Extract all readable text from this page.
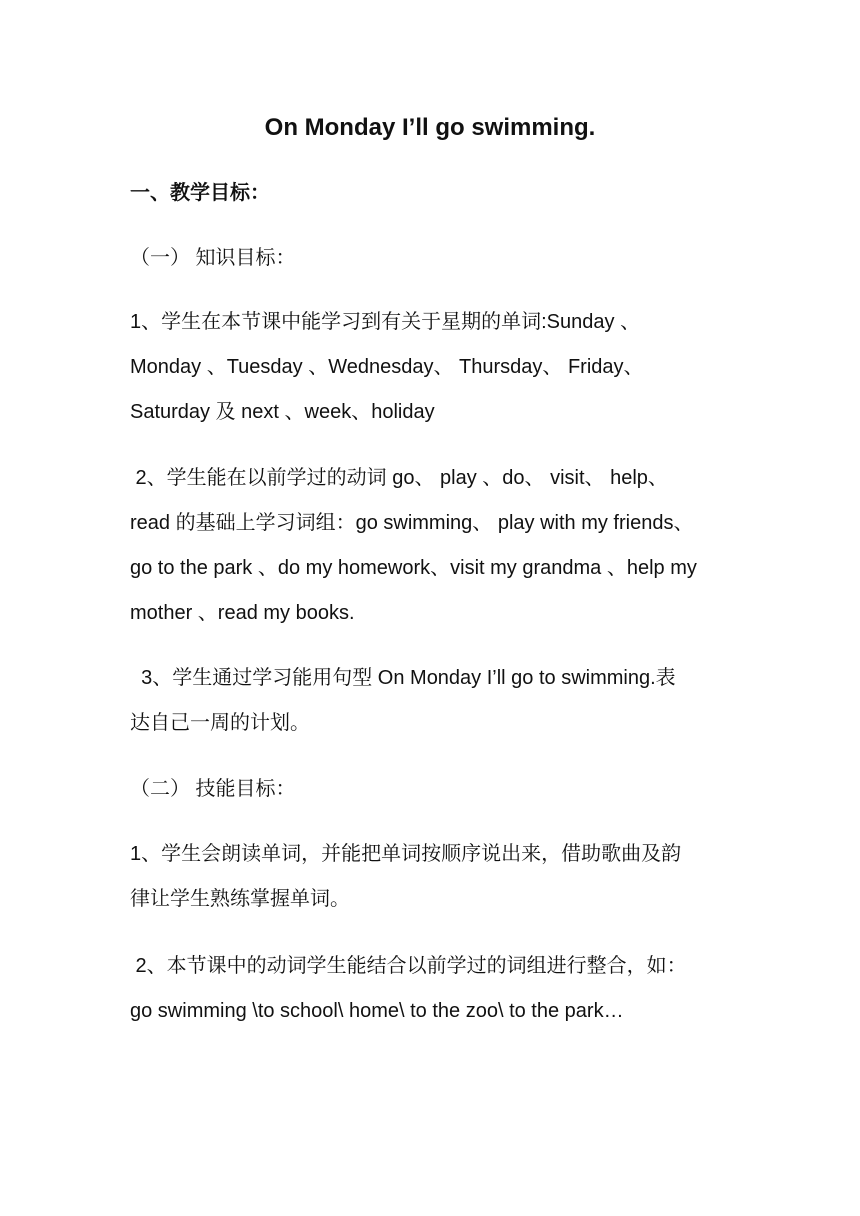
On Monday I’ll go swimming.
一、教学目标：
（一） 知识目标：
1、学生在本节课中能学习到有关于星期的单词:Sunday 、
Monday 、Tuesday 、Wednesday、 Thursday、 Friday、
Saturday 及 next 、week、holiday
2、学生能在以前学过的动词 go、 play 、do、 visit、 help、
read 的基础上学习词组：go swimming、 play with my friends、
go to the park 、do my homework、visit my grandma 、help my
mother 、read my books.
3、学生通过学习能用句型 On Monday I’ll go to swimming.表
达自己一周的计划。
（二） 技能目标：
1、学生会朗读单词，并能把单词按顺序说出来，借助歌曲及韵
律让学生熟练掌握单词。
2、本节课中的动词学生能结合以前学过的词组进行整合，如：
go swimming \to school\ home\ to the zoo\ to the park…
